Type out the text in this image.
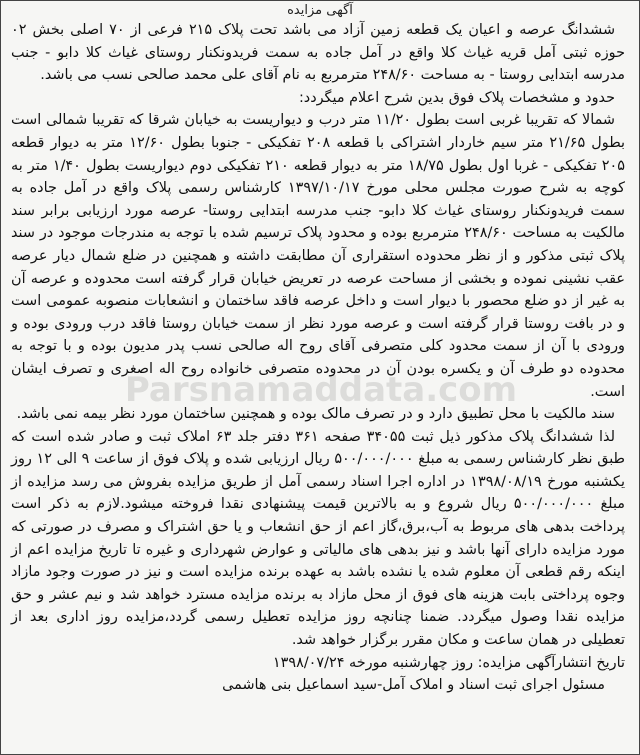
آگهی مزایده

ششدانگ عرصه و اعیان یک قطعه زمین آزاد می باشد تحت پلاک ۲۱۵ فرعی از ۷۰ اصلی بخش ۰۲ حوزه ثبتی آمل قریه غیاث کلا واقع در آمل جاده به سمت فریدونکنار روستای غیاث کلا دابو - جنب مدرسه ابتدایی روستا - به مساحت ۲۴۸/۶۰ مترمربع به نام آقای علی محمد صالحی نسب می باشد.

حدود و مشخصات پلاک فوق بدین شرح اعلام میگردد:

شمالا که تقریبا غربی است بطول ۱۱/۲۰ متر درب و دیواریست به خیابان شرقا که تقریبا شمالی است بطول ۲۱/۶۵ متر سیم خاردار اشتراکی با قطعه ۲۰۸ تفکیکی - جنوبا بطول ۱۲/۶۰ متر به دیوار قطعه ۲۰۵ تفکیکی - غربا اول بطول ۱۸/۷۵ متر به دیوار قطعه ۲۱۰ تفکیکی دوم دیواریست بطول ۱/۴۰ متر به کوچه به شرح صورت مجلس محلی مورخ ۱۳۹۷/۱۰/۱۷ کارشناس رسمی پلاک واقع در آمل جاده به سمت فریدونکنار روستای غیاث کلا دابو- جنب مدرسه ابتدایی روستا- عرصه مورد ارزیابی برابر سند مالکیت به مساحت ۲۴۸/۶۰ مترمربع بوده و محدود پلاک ترسیم شده با توجه به مندرجات موجود در سند پلاک ثبتی مذکور و از نظر محدوده استقراری آن مطابقت داشته و همچنین در ضلع شمال دیار عرصه عقب نشینی نموده و بخشی از مساحت عرصه در تعریض خیابان قرار گرفته است محدوده و عرصه آن به غیر از دو ضلع محصور با دیوار است و داخل عرصه فاقد ساختمان و انشعابات منصوبه عمومی است و در بافت روستا قرار گرفته است و عرصه مورد نظر از سمت خیابان روستا فاقد درب ورودی بوده و ورودی با آن از سمت محدود کلی متصرفی آقای روح اله صالحی نسب پدر مدیون بوده و با توجه به محدوده دو طرف آن و یکسره بودن آن در محدوده متصرفی خانواده روح اله اصغری و تصرف ایشان است.

سند مالکیت با محل تطبیق دارد و در تصرف مالک بوده و همچنین ساختمان مورد نظر بیمه نمی باشد.

لذا ششدانگ پلاک مذکور ذیل ثبت ۳۴۰۵۵ صفحه ۳۶۱ دفتر جلد ۶۳ املاک ثبت و صادر شده است که طبق نظر کارشناس رسمی به مبلغ ۵۰۰/۰۰۰/۰۰۰ ریال ارزیابی شده و پلاک فوق از ساعت ۹ الی ۱۲ روز یکشنبه مورخ ۱۳۹۸/۰۸/۱۹ در اداره اجرا اسناد رسمی آمل از طریق مزایده بفروش می رسد مزایده از مبلغ ۵۰۰/۰۰۰/۰۰۰ ریال شروع و به بالاترین قیمت پیشنهادی نقدا فروخته میشود.لازم به ذکر است پرداخت بدهی های مربوط به آب،برق،گاز اعم از حق انشعاب و یا حق اشتراک و مصرف در صورتی که مورد مزایده دارای آنها باشد و نیز بدهی های مالیاتی و عوارض شهرداری و غیره تا تاریخ مزایده اعم از اینکه رقم قطعی آن معلوم شده یا نشده باشد به عهده برنده مزایده است و نیز در صورت وجود مازاد وجوه پرداختی بابت هزینه های فوق از محل مازاد به برنده مزایده مسترد خواهد شد و نیم عشر و حق مزایده نقدا وصول میگردد. ضمنا چنانچه روز مزایده تعطیل رسمی گردد،مزایده روز اداری بعد از تعطیلی در همان ساعت و مکان مقرر برگزار خواهد شد.

تاریخ انتشارآگهی مزایده: روز چهارشنبه مورخه ۱۳۹۸/۰۷/۲۴

مسئول اجرای ثبت اسناد و املاک آمل-سید اسماعیل بنی هاشمی

Parsnamaddata.com
